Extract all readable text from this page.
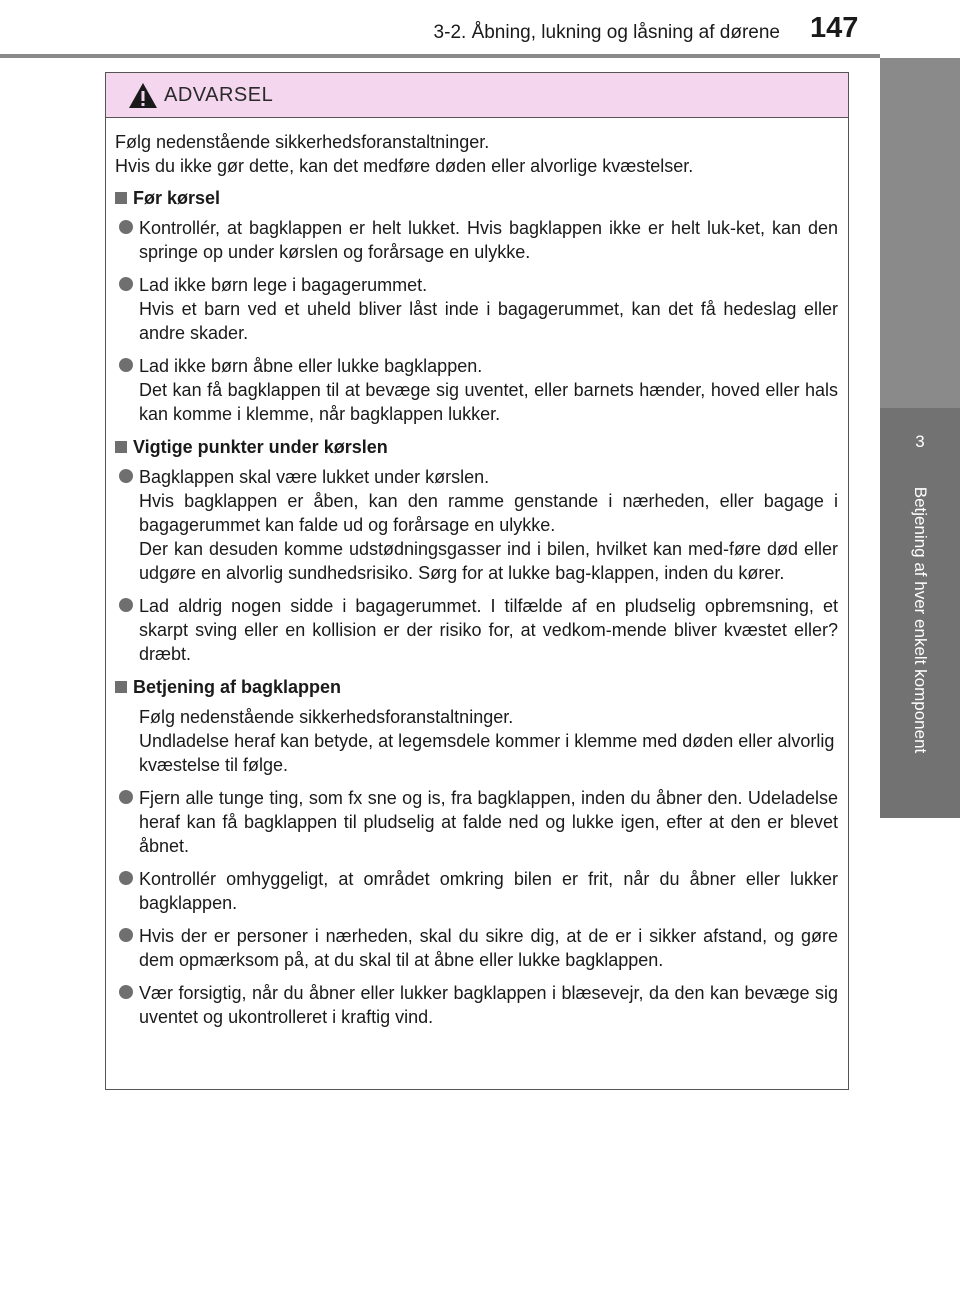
3-2. Åbning, lukning og låsning af dørene 147
3
Betjening af hver enkelt komponent
ADVARSEL

Følg nedenstående sikkerhedsforanstaltninger.
Hvis du ikke gør dette, kan det medføre døden eller alvorlige kvæstelser.

Før kørsel
Kontrollér, at bagklappen er helt lukket. Hvis bagklappen ikke er helt luk-ket, kan den springe op under kørslen og forårsage en ulykke.
Lad ikke børn lege i bagagerummet.
Hvis et barn ved et uheld bliver låst inde i bagagerummet, kan det få hedeslag eller andre skader.
Lad ikke børn åbne eller lukke bagklappen.
Det kan få bagklappen til at bevæge sig uventet, eller barnets hænder, hoved eller hals kan komme i klemme, når bagklappen lukker.
Vigtige punkter under kørslen
Bagklappen skal være lukket under kørslen.
Hvis bagklappen er åben, kan den ramme genstande i nærheden, eller bagage i bagagerummet kan falde ud og forårsage en ulykke.
Der kan desuden komme udstødningsgasser ind i bilen, hvilket kan med-føre død eller udgøre en alvorlig sundhedsrisiko. Sørg for at lukke bag-klappen, inden du kører.
Lad aldrig nogen sidde i bagagerummet. I tilfælde af en pludselig opbremsning, et skarpt sving eller en kollision er der risiko for, at vedkom-mende bliver kvæstet eller?dræbt.
Betjening af bagklappen

Følg nedenstående sikkerhedsforanstaltninger.
Undladelse heraf kan betyde, at legemsdele kommer i klemme med døden eller alvorlig kvæstelse til følge.

Fjern alle tunge ting, som fx sne og is, fra bagklappen, inden du åbner den. Udeladelse heraf kan få bagklappen til pludselig at falde ned og lukke igen, efter at den er blevet åbnet.
Kontrollér omhyggeligt, at området omkring bilen er frit, når du åbner eller lukker bagklappen.
Hvis der er personer i nærheden, skal du sikre dig, at de er i sikker afstand, og gøre dem opmærksom på, at du skal til at åbne eller lukke bagklappen.
Vær forsigtig, når du åbner eller lukker bagklappen i blæsevejr, da den kan bevæge sig uventet og ukontrolleret i kraftig vind.
